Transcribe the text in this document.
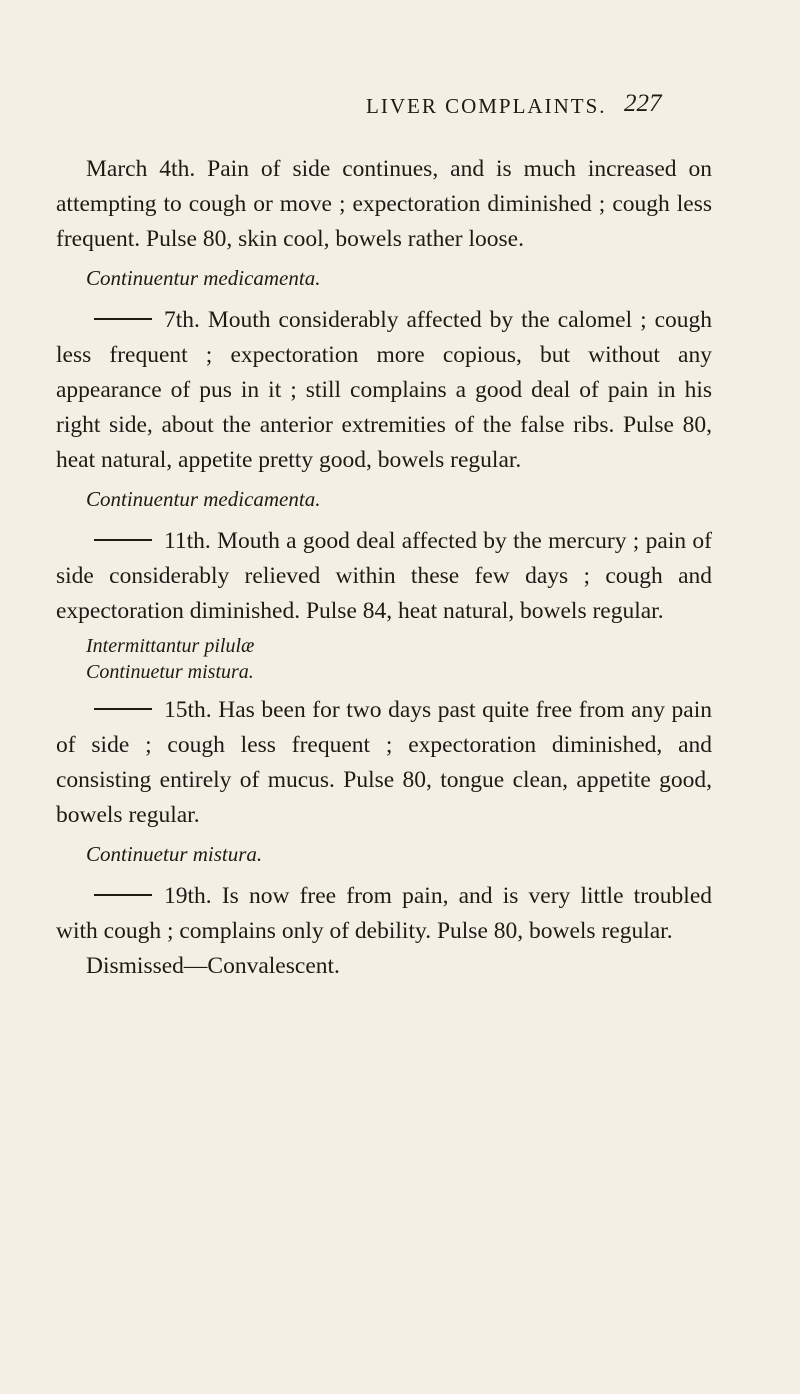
LIVER COMPLAINTS. 227

March 4th. Pain of side continues, and is much increased on attempting to cough or move ; expectoration diminished ; cough less frequent. Pulse 80, skin cool, bowels rather loose.

Continuentur medicamenta.

7th. Mouth considerably affected by the calomel ; cough less frequent ; expectoration more copious, but without any appearance of pus in it ; still complains a good deal of pain in his right side, about the anterior extremities of the false ribs. Pulse 80, heat natural, appetite pretty good, bowels regular.

Continuentur medicamenta.

11th. Mouth a good deal affected by the mercury ; pain of side considerably relieved within these few days ; cough and expectoration diminished. Pulse 84, heat natural, bowels regular.

Intermittantur pilulæ

Continuetur mistura.

15th. Has been for two days past quite free from any pain of side ; cough less frequent ; expectoration diminished, and consisting entirely of mucus. Pulse 80, tongue clean, appetite good, bowels regular.

Continuetur mistura.

19th. Is now free from pain, and is very little troubled with cough ; complains only of debility. Pulse 80, bowels regular.

Dismissed—Convalescent.
